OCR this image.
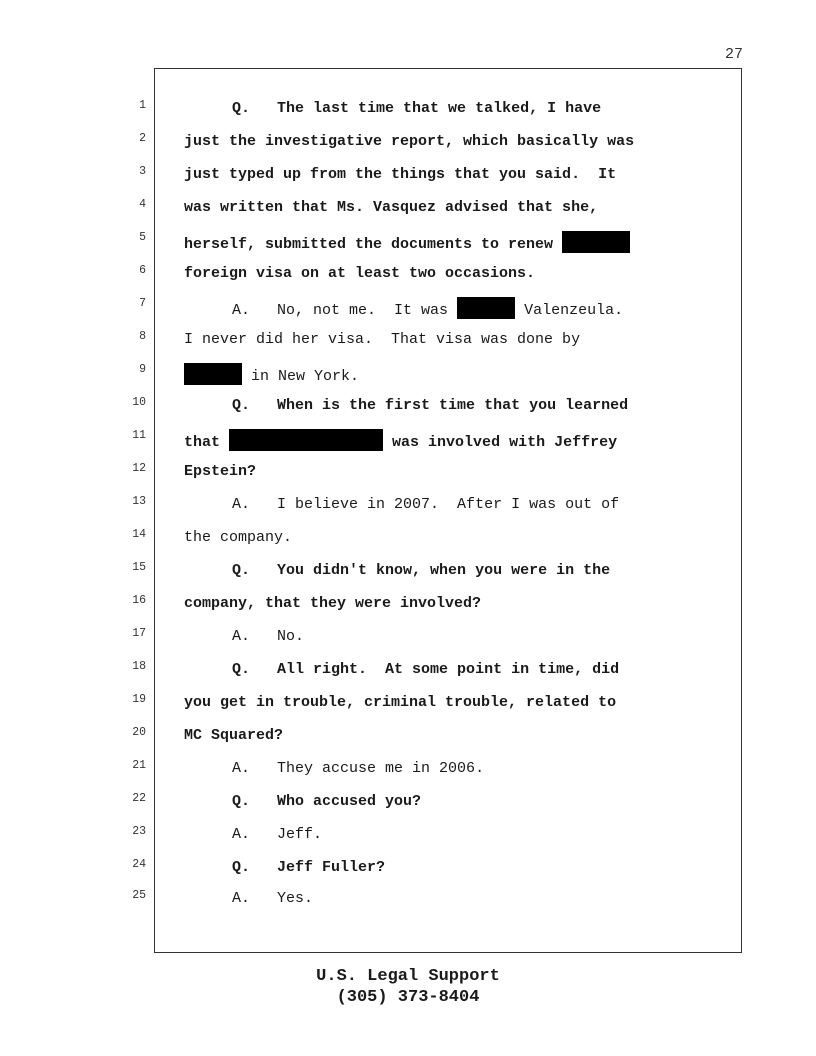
27
1	Q. The last time that we talked, I have
2	just the investigative report, which basically was
3	just typed up from the things that you said.  It
4	was written that Ms. Vasquez advised that she,
5	herself, submitted the documents to renew
6	foreign visa on at least two occasions.
7	A. No, not me.  It was	Valenzeula.
8	I never did her visa.  That visa was done by
9	in New York.
10	Q. When is the first time that you learned
11	that	was involved with Jeffrey
12	Epstein?
13	A. I believe in 2007.  After I was out of
14	the company.
15	Q. You didn't know, when you were in the
16	company, that they were involved?
17	A. No.
18	Q. All right.  At some point in time, did
19	you get in trouble, criminal trouble, related to
20	MC Squared?
21	A. They accuse me in 2006.
22	Q. Who accused you?
23	A. Jeff.
24	Q. Jeff Fuller?
25	A. Yes.
U.S. Legal Support
(305) 373-8404
